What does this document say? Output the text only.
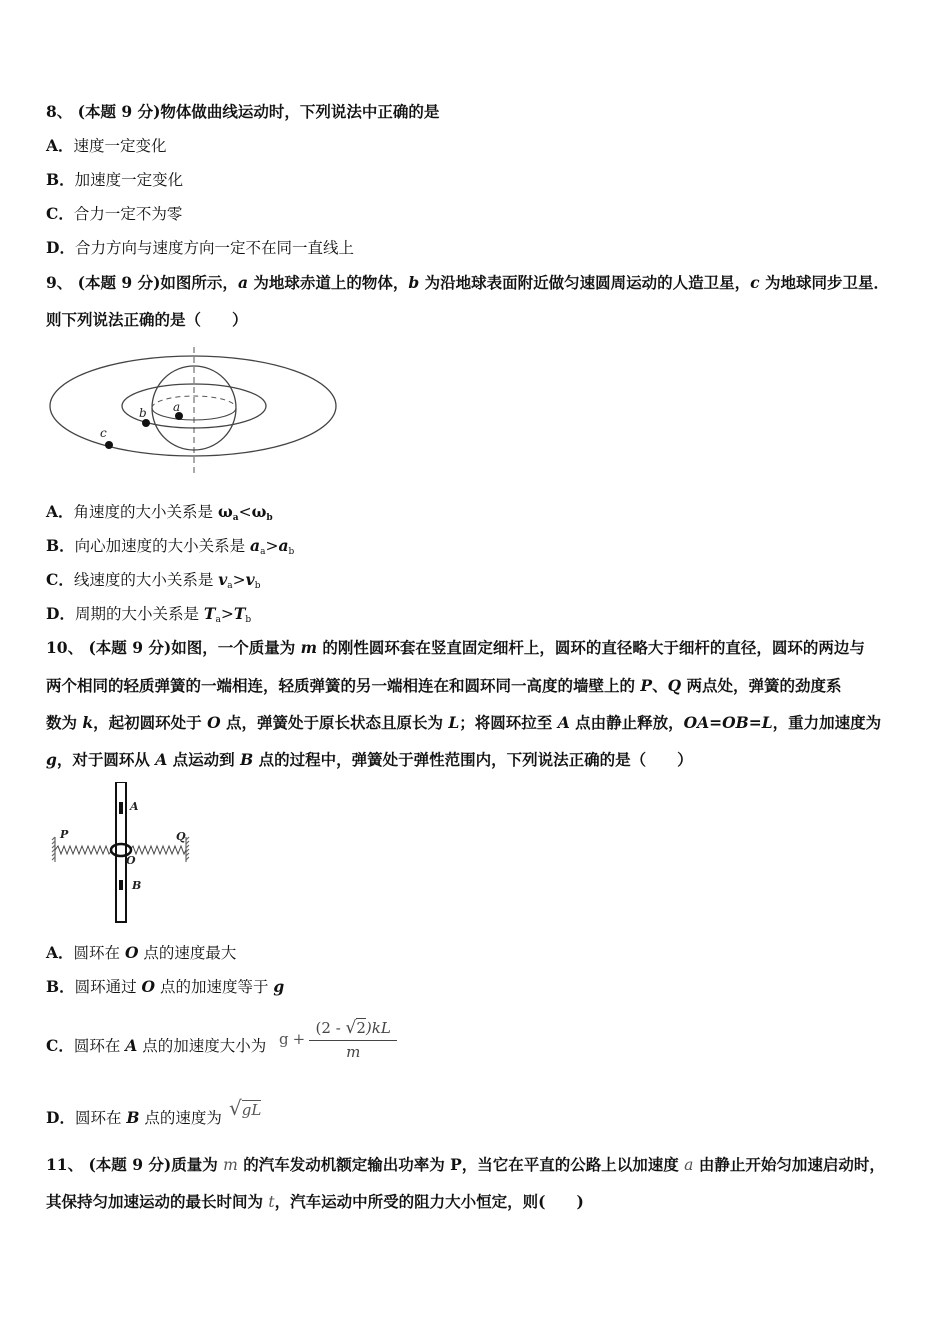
8、 (本题 9 分)物体做曲线运动时，下列说法中正确的是
A．速度一定变化
B．加速度一定变化
C．合力一定不为零
D．合力方向与速度方向一定不在同一直线上
9、 (本题 9 分)如图所示，a 为地球赤道上的物体，b 为沿地球表面附近做匀速圆周运动的人造卫星，c 为地球同步卫星．
则下列说法正确的是（　　）
a
b
c
A．角速度的大小关系是 $\omega_a<\omega_b$
B．向心加速度的大小关系是 $a_a>a_b$
C．线速度的大小关系是 $v_a>v_b$
D．周期的大小关系是 $T_a>T_b$
10、 (本题 9 分)如图，一个质量为 m 的刚性圆环套在竖直固定细杆上，圆环的直径略大于细杆的直径，圆环的两边与
两个相同的轻质弹簧的一端相连，轻质弹簧的另一端相连在和圆环同一高度的墙壁上的 P、Q 两点处，弹簧的劲度系
数为 k，起初圆环处于 O 点，弹簧处于原长状态且原长为 L；将圆环拉至 A 点由静止释放，OA=OB=L，重力加速度为
g，对于圆环从 A 点运动到 B 点的过程中，弹簧处于弹性范围内，下列说法正确的是（　　）
A
P	Q
O
B
A．圆环在 O 点的速度最大
B．圆环通过 O 点的加速度等于 g
C．圆环在 A 点的加速度大小为 $g + \frac{(2 - √2)kL}{m}$
D．圆环在 B 点的速度为 √gL
11、 (本题 9 分)质量为 m 的汽车发动机额定输出功率为 P，当它在平直的公路上以加速度 a 由静止开始匀加速启动时，
其保持匀加速运动的最长时间为 t，汽车运动中所受的阻力大小恒定，则(　　)
